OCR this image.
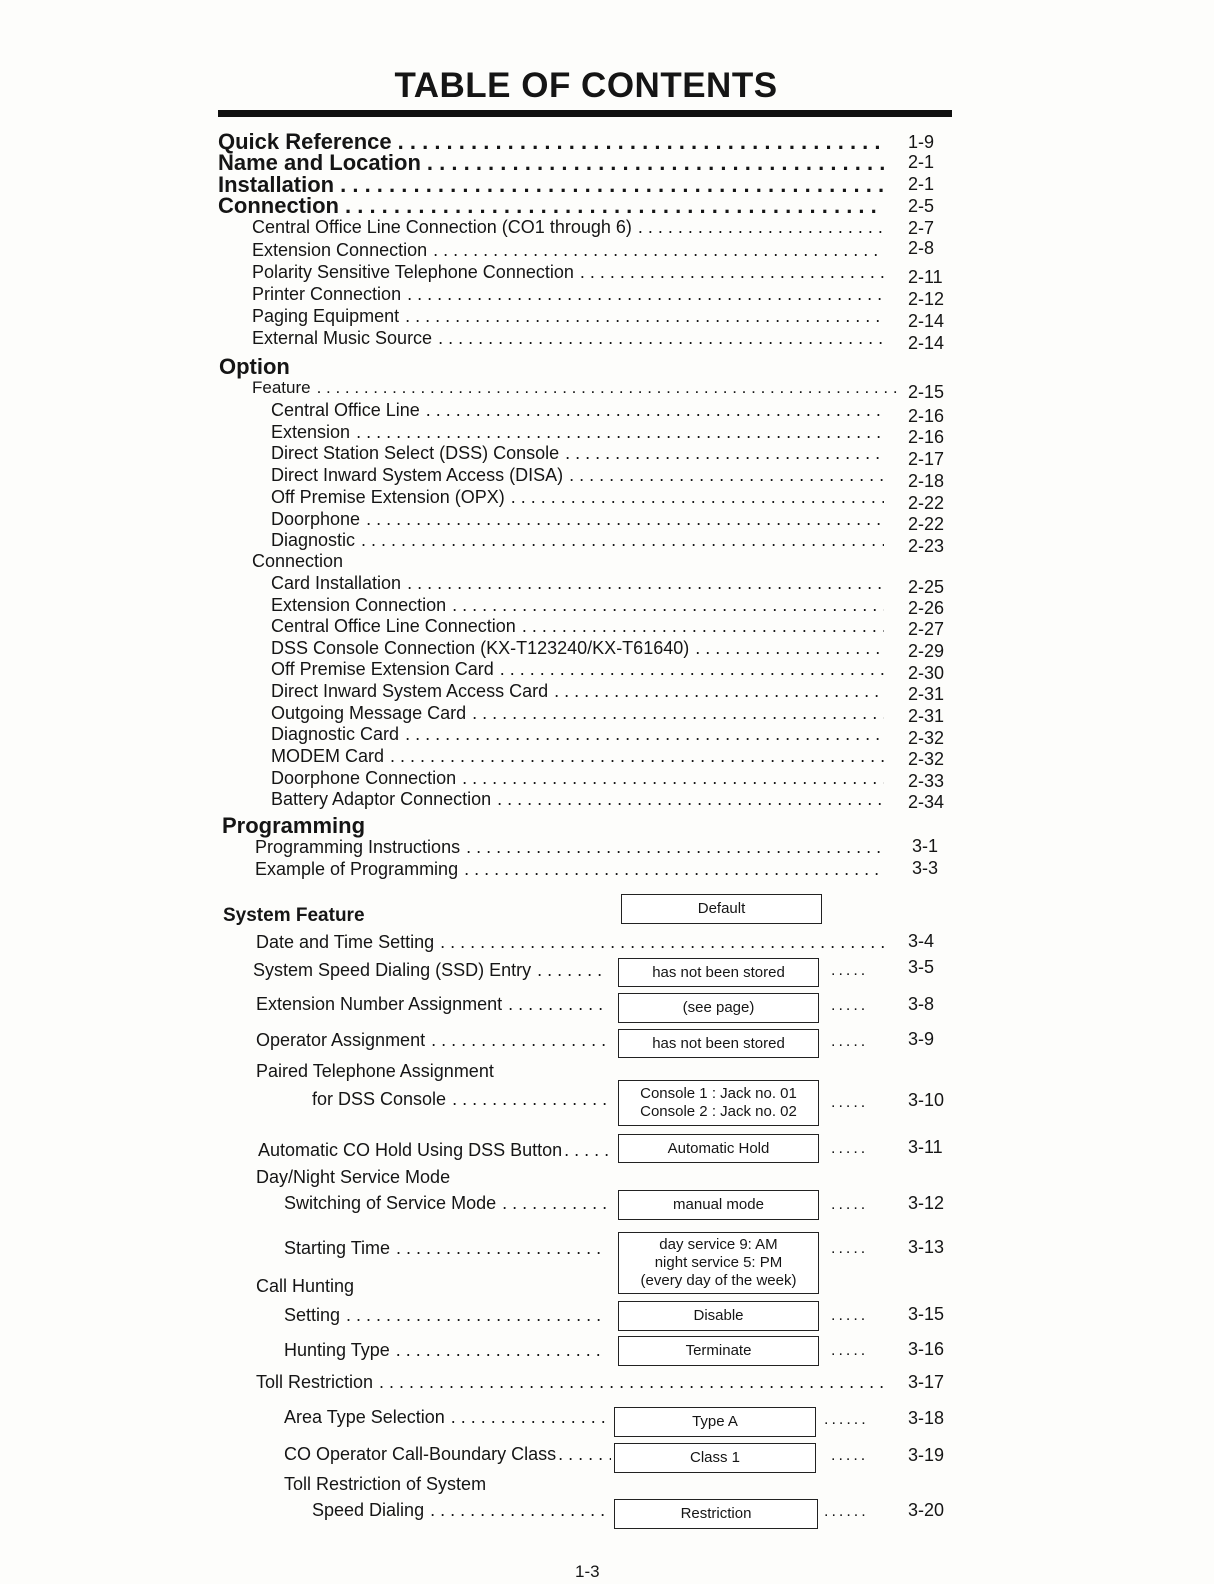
TABLE OF CONTENTS
Quick Reference . . .	1-9
Name and Location . . .	2-1
Installation . . .	2-1
Connection . . .	2-5
Central Office Line Connection (CO1 through 6) . . .	2-7
Extension Connection . . .	2-8
Polarity Sensitive Telephone Connection . . .	2-11
Printer Connection . . .	2-12
Paging Equipment . . .	2-14
External Music Source . . .	2-14
Option
Feature . . .	2-15
Central Office Line . . .	2-16
Extension . . .	2-16
Direct Station Select (DSS) Console . . .	2-17
Direct Inward System Access (DISA) . . .	2-18
Off Premise Extension (OPX) . . .	2-22
Doorphone . . .	2-22
Diagnostic . . .	2-23
Connection
Card Installation . . .	2-25
Extension Connection . . .	2-26
Central Office Line Connection . . .	2-27
DSS Console Connection (KX-T123240/KX-T61640) . . .	2-29
Off Premise Extension Card . . .	2-30
Direct Inward System Access Card . . .	2-31
Outgoing Message Card . . .	2-31
Diagnostic Card . . .	2-32
MODEM Card . . .	2-32
Doorphone Connection . . .	2-33
Battery Adaptor Connection . . .	2-34
Programming
Programming Instructions . . .	3-1
Example of Programming . . .	3-3
System Feature	Default
Date and Time Setting . . .	3-4
System Speed Dialing (SSD) Entry . . .	has not been stored	..... 3-5
Extension Number Assignment . . .	(see page)	..... 3-8
Operator Assignment . . .	has not been stored	..... 3-9
Paired Telephone Assignment
for DSS Console . . .	Console 1 : Jack no. 01
Console 2 : Jack no. 02
..... 3-10
Automatic CO Hold Using DSS Button . . .	Automatic Hold	..... 3-11
Day/Night Service Mode
Switching of Service Mode . . .	manual mode	..... 3-12
Starting Time . . .	day service 9: AM
night service 5: PM
(every day of the week)
..... 3-13
Call Hunting
Setting . . .	Disable	..... 3-15
Hunting Type . . .	Terminate	..... 3-16
Toll Restriction . . .	3-17
Area Type Selection . . .	Type A	...... 3-18
CO Operator Call-Boundary Class . . .	Class 1	..... 3-19
Toll Restriction of System
Speed Dialing . . .	Restriction	...... 3-20
1-3
